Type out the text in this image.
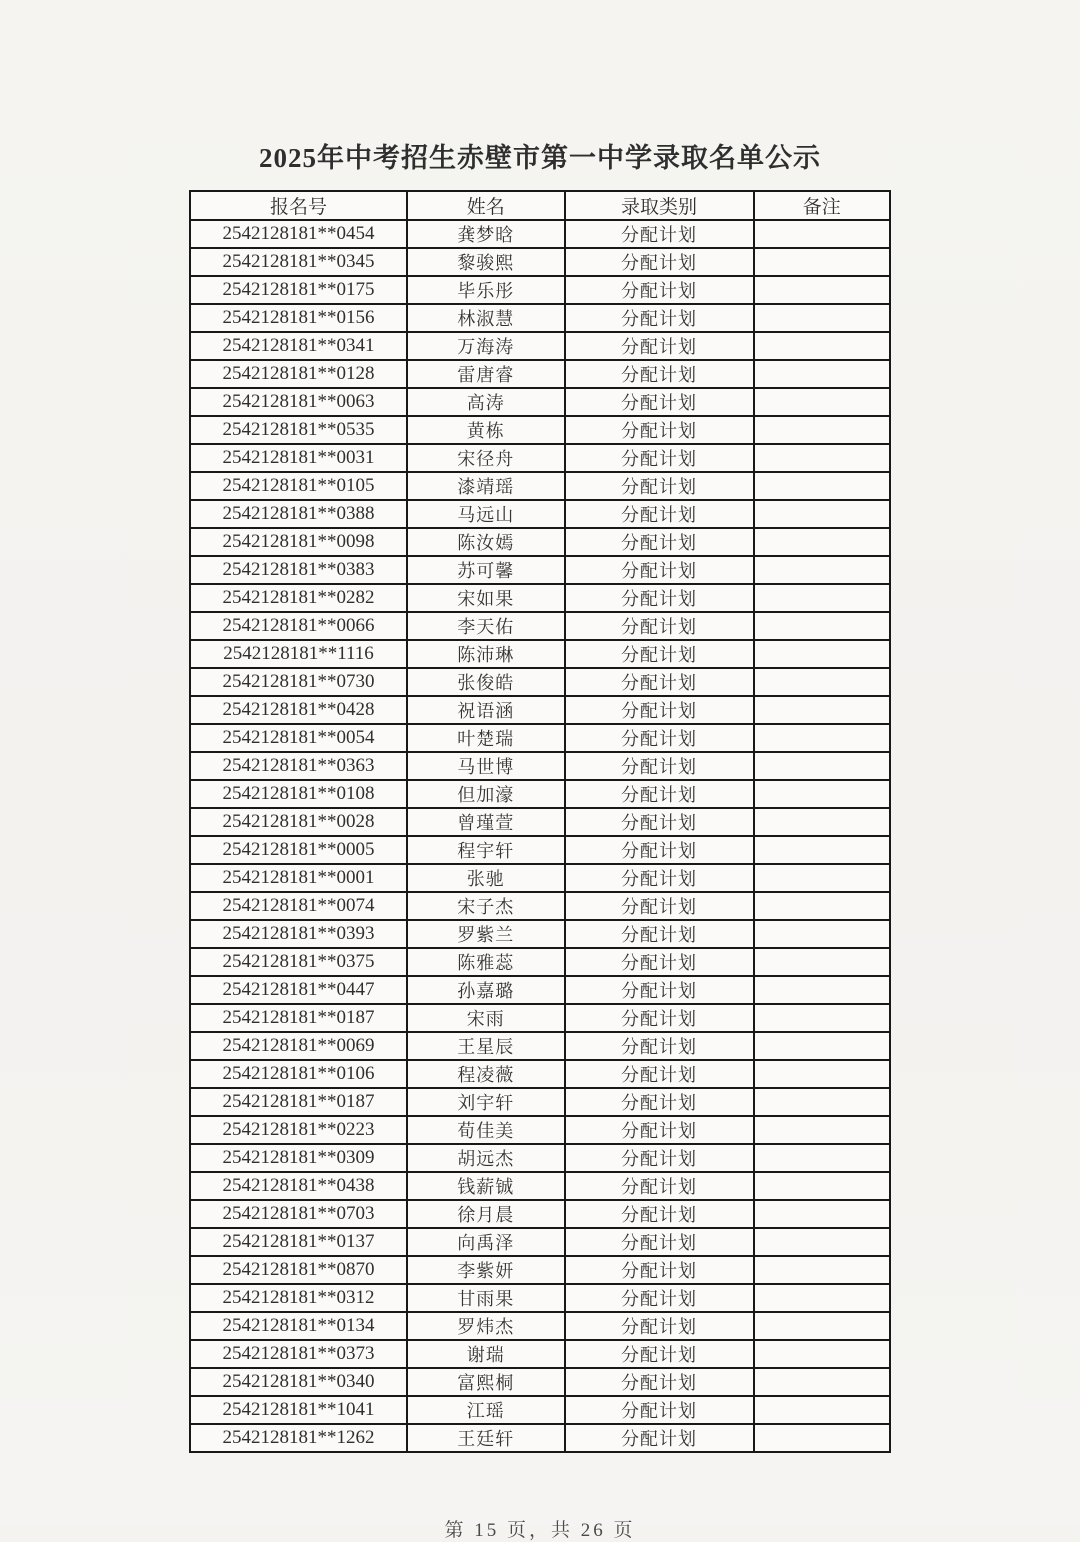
2025年中考招生赤壁市第一中学录取名单公示
报名号	姓名	录取类别	备注
2542128181**0454	龚梦晗	分配计划	
2542128181**0345	黎骏熙	分配计划	
2542128181**0175	毕乐彤	分配计划	
2542128181**0156	林淑慧	分配计划	
2542128181**0341	万海涛	分配计划	
2542128181**0128	雷唐睿	分配计划	
2542128181**0063	高涛	分配计划	
2542128181**0535	黄栋	分配计划	
2542128181**0031	宋径舟	分配计划	
2542128181**0105	漆靖瑶	分配计划	
2542128181**0388	马远山	分配计划	
2542128181**0098	陈汝嫣	分配计划	
2542128181**0383	苏可馨	分配计划	
2542128181**0282	宋如果	分配计划	
2542128181**0066	李天佑	分配计划	
2542128181**1116	陈沛琳	分配计划	
2542128181**0730	张俊皓	分配计划	
2542128181**0428	祝语涵	分配计划	
2542128181**0054	叶楚瑞	分配计划	
2542128181**0363	马世博	分配计划	
2542128181**0108	但加濠	分配计划	
2542128181**0028	曾瑾萱	分配计划	
2542128181**0005	程宇轩	分配计划	
2542128181**0001	张驰	分配计划	
2542128181**0074	宋子杰	分配计划	
2542128181**0393	罗紫兰	分配计划	
2542128181**0375	陈雅蕊	分配计划	
2542128181**0447	孙嘉璐	分配计划	
2542128181**0187	宋雨	分配计划	
2542128181**0069	王星辰	分配计划	
2542128181**0106	程凌薇	分配计划	
2542128181**0187	刘宇轩	分配计划	
2542128181**0223	荀佳美	分配计划	
2542128181**0309	胡远杰	分配计划	
2542128181**0438	钱薪铖	分配计划	
2542128181**0703	徐月晨	分配计划	
2542128181**0137	向禹泽	分配计划	
2542128181**0870	李紫妍	分配计划	
2542128181**0312	甘雨果	分配计划	
2542128181**0134	罗炜杰	分配计划	
2542128181**0373	谢瑞	分配计划	
2542128181**0340	富熙桐	分配计划	
2542128181**1041	江瑶	分配计划	
2542128181**1262	王廷轩	分配计划	
第 15 页，共 26 页
